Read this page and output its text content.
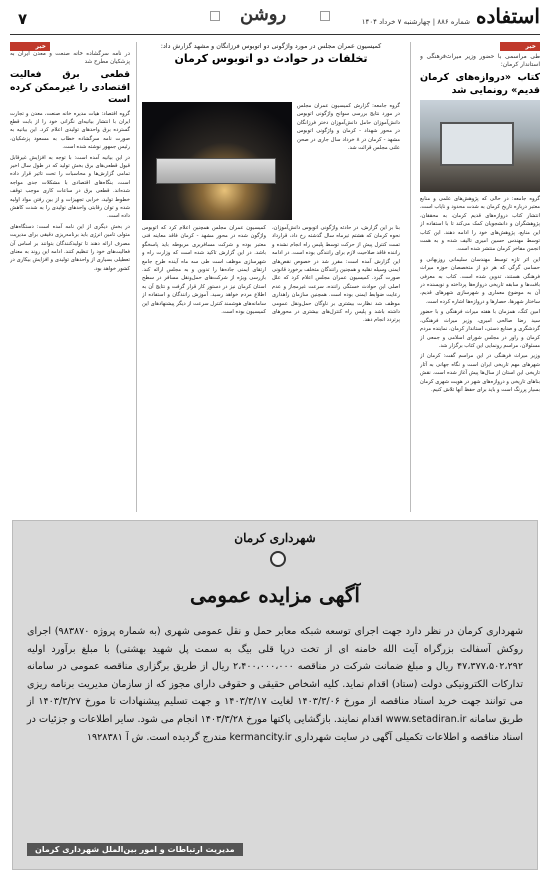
استفاده
شماره ۸۸۶ | چهارشنبه ۷ خرداد ۱۴۰۴
روشن
۷
خبر
طی مراسمی با حضور وزیر میراث‌فرهنگی و استاندار کرمان:
کتاب «دروازه‌های کرمان قدیم» رونمایی شد

گروه جامعه: در حالی که پژوهش‌های علمی و منابع معتبر درباره تاریخ کرمان به شدت محدود و نایاب است، انتشار کتاب دروازه‌های قدیم کرمان، به محققان، پژوهشگران و دانشجویان کمک می‌کند تا با استفاده از این منابع، پژوهش‌های خود را ادامه دهند. این کتاب توسط مهندس حسین امیری تالیف شده و به همت انجمن مفاخر کرمان منتشر شده است.

این اثر تازه توسط مهندسان سلیمانی روزبهانی و حسامی گرگی که هر دو از متخصصان حوزه میراث فرهنگی هستند، تدوین شده است. کتاب به معرفی بافت‌ها و سابقه تاریخی دروازه‌ها پرداخته و نویسنده در آن به موضوع معماری و شهرسازی شهرهای قدیم، ساختار شهرها، حصارها و دروازه‌ها اشاره کرده است.

امین کنگ، همزمان با هفته میراث فرهنگی و با حضور سید رضا صالحی امیری، وزیر میراث فرهنگی، گردشگری و صنایع دستی، استاندار کرمان، نماینده مردم کرمان و راور در مجلس شورای اسلامی و جمعی از مسئولان، مراسم رونمایی این کتاب برگزار شد.

وزیر میراث فرهنگی در این مراسم گفت: کرمان از شهرهای مهم تاریخی ایران است و نگاه جهانی به آثار تاریخی این استان از سال‌ها پیش آغاز شده است. نقش بناهای تاریخی و دروازه‌های شهر در هویت شهری کرمان بسیار پررنگ است و باید برای حفظ آنها تلاش کنیم.

کمیسیون عمران مجلس در مورد واژگونی دو اتوبوس فرزانگان و مشهد گزارش داد:
تخلفات در حوادث دو اتوبوس کرمان
گروه جامعه: گزارش کمیسیون عمران مجلس در مورد نتایج بررسی سوانح واژگونی اتوبوس دانش‌آموزان حامل دانش‌آموزان دختر فرزانگان در محور شهداد - کرمان و واژگونی اتوبوس مشهد - کرمان در ۸ خرداد سال جاری در صحن علنی مجلس قرائت شد.
بنا بر این گزارش، در حادثه واژگونی اتوبوس دانش‌آموزان، نحوه کرمان که هشتم تیرماه سال گذشته رخ داد، قرارداد تست کنترل پیش از حرکت توسط پلیس راه انجام نشده و راننده فاقد صلاحیت لازم برای رانندگی بوده است. در ادامه این گزارش آمده است: مقرر شد در خصوص نقص‌های ایمنی وسیله نقلیه و همچنین رانندگان متخلف برخورد قانونی صورت گیرد. کمیسیون عمران مجلس اعلام کرد که علل اصلی این حوادث خستگی راننده، سرعت غیرمجاز و عدم رعایت ضوابط ایمنی بوده است. همچنین سازمان راهداری موظف شد نظارت بیشتری بر ناوگان حمل‌ونقل عمومی داشته باشد و پلیس راه کنترل‌های بیشتری در محورهای پرتردد انجام دهد.
کمیسیون عمران مجلس همچنین اعلام کرد که اتوبوس واژگون شده در محور مشهد - کرمان فاقد معاینه فنی معتبر بوده و شرکت مسافربری مربوطه باید پاسخگو باشد. در این گزارش تاکید شده است که وزارت راه و شهرسازی موظف است طی سه ماه آینده طرح جامع ارتقای ایمنی جاده‌ها را تدوین و به مجلس ارائه کند. بازرسی ویژه از شرکت‌های حمل‌ونقل مسافر در سطح استان کرمان نیز در دستور کار قرار گرفت و نتایج آن به اطلاع مردم خواهد رسید. آموزش رانندگان و استفاده از سامانه‌های هوشمند کنترل سرعت از دیگر پیشنهادهای این کمیسیون بوده است.
خبر
در نامه سرگشاده خانه صنعت و معدن ایران به پزشکیان مطرح شد
قطعی برق فعالیت اقتصادی را غیرممکن کرده است

گروه اقتصاد: هیات مدیره خانه صنعت، معدن و تجارت ایران با انتشار بیانیه‌ای نگرانی خود را از بابت قطع گسترده برق واحدهای تولیدی اعلام کرد. این بیانیه به صورت نامه سرگشاده خطاب به مسعود پزشکیان، رئیس جمهور نوشته شده است.

در این بیانیه آمده است: با توجه به افزایش غیرقابل قبول قطعی‌های برق بخش تولید که در طول سال اخیر تمامی گزارش‌ها و محاسبات را تحت تاثیر قرار داده است، بنگاه‌های اقتصادی با مشکلات جدی مواجه شده‌اند. قطعی برق در ساعات کاری موجب توقف خطوط تولید، خرابی تجهیزات و از بین رفتن مواد اولیه شده و توان رقابتی واحدهای تولیدی را به شدت کاهش داده است.

در بخش دیگری از این نامه آمده است: دستگاه‌های متولی تامین انرژی باید برنامه‌ریزی دقیقی برای مدیریت مصرف ارائه دهند تا تولیدکنندگان بتوانند بر اساس آن فعالیت‌های خود را تنظیم کنند. ادامه این روند به معنای تعطیلی بسیاری از واحدهای تولیدی و افزایش بیکاری در کشور خواهد بود.

شهرداری کرمان
آگهی مزایده عمومی
شهرداری کرمان در نظر دارد جهت اجرای توسعه شبکه معابر حمل و نقل عمومی شهری (به شماره پروژه ۹۸۳۸۷۰) اجرای روکش آسفالت بزرگراه آیت الله خامنه ای از تخت درپا قلی بیگ به سمت پل شهید بهشتی) با مبلغ برآورد اولیه ۴۷،۳۷۷،۵۰۲،۲۹۲ ریال و مبلغ ضمانت شرکت در مناقصه ۲،۴۰۰،۰۰۰،۰۰۰ ریال از طریق برگزاری مناقصه عمومی در سامانه تدارکات الکترونیکی دولت (ستاد) اقدام نماید. کلیه اشخاص حقیقی و حقوقی دارای مجوز که از سازمان مدیریت برنامه ریزی می توانند جهت خرید اسناد مناقصه از مورخ ۱۴۰۳/۳/۰۶ لغایت ۱۴۰۳/۳/۱۷ و جهت تسلیم پیشنهادات تا مورخ ۱۴۰۳/۳/۲۷ از طریق سامانه www.setadiran.ir اقدام نمایند. بازگشایی پاکتها مورخ ۱۴۰۳/۳/۲۸ انجام می شود. سایر اطلاعات و جزئیات در اسناد مناقصه و اطلاعات تکمیلی آگهی در سایت شهرداری kermancity.ir مندرج گردیده است. ش آ ۱۹۲۸۳۸۱
مدیریت ارتباطات و امور بین‌الملل شهرداری کرمان
